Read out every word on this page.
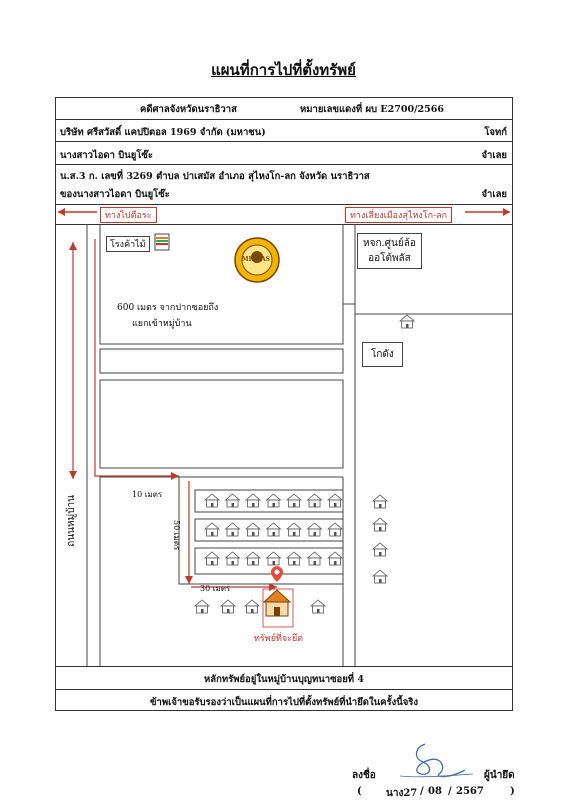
แผนที่การไปที่ตั้งทรัพย์
คดีศาลจังหวัดนราธิวาส	หมายเลขแดงที่ ผบ E2700/2566
บริษัท ศรีสวัสดิ์ แคปปิตอล 1969 จำกัด (มหาชน)	โจทก์
นางสาวไอดา บินยูโซ๊ะ	จำเลย
น.ส.3 ก. เลขที่ 3269 ตำบล ปาเสมัส อำเภอ สุไหงโก-ลก จังหวัด นราธิวาส
ของนางสาวไอดา บินยูโซ๊ะ	จำเลย
ทางไปตือระ	ทางเลี่ยงเมืองสุไหงโก-ลก
โรงค้าไม้
MR.DAS
หจก.ศูนย์ล้อ
ออโต้พลัส
600 เมตร จากปากซอยถึง
แยกเข้าหมู่บ้าน
โกดัง
10 เมตร
50 เมตร
30 เมตร
ถนนหมู่บ้าน
ทรัพย์ที่จะยึด
หลักทรัพย์อยู่ในหมู่บ้านบุญทนาซอยที่ 4
ข้าพเจ้าขอรับรองว่าเป็นแผนที่การไปที่ตั้งทรัพย์ที่นำยึดในครั้งนี้จริง
ลงชื่อ	ผู้นำยึด
( นาง27 / 08 / 2567	)
